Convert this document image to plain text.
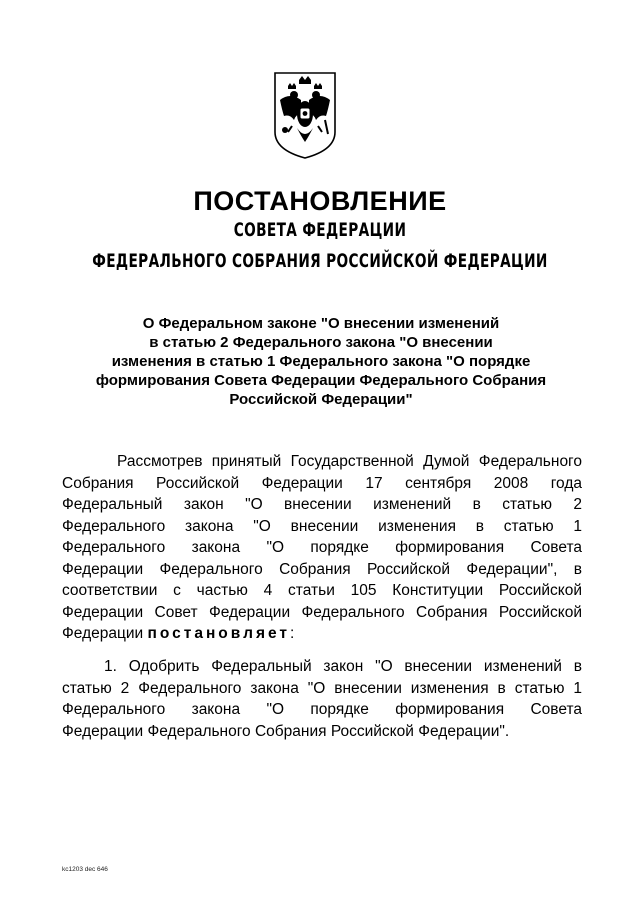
ПОСТАНОВЛЕНИЕ
СОВЕТА ФЕДЕРАЦИИ
ФЕДЕРАЛЬНОГО СОБРАНИЯ РОССИЙСКОЙ ФЕДЕРАЦИИ
О Федеральном законе "О внесении изменений
в статью 2 Федерального закона "О внесении
изменения в статью 1 Федерального закона "О порядке
формирования Совета Федерации Федерального Собрания
Российской Федерации"
Рассмотрев принятый Государственной Думой Федерального
Собрания Российской Федерации 17 сентября 2008 года
Федеральный закон "О внесении изменений в статью 2
Федерального закона "О внесении изменения в статью 1
Федерального закона "О порядке формирования Совета
Федерации Федерального Собрания Российской Федерации", в
соответствии с частью 4 статьи 105 Конституции Российской
Федерации Совет Федерации Федерального Собрания Российской
Федерации постановляет:
1. Одобрить Федеральный закон "О внесении изменений в
статью 2 Федерального закона "О внесении изменения в статью 1
Федерального закона "О порядке формирования Совета
Федерации Федерального Собрания Российской Федерации".
kc1203 dec 646
